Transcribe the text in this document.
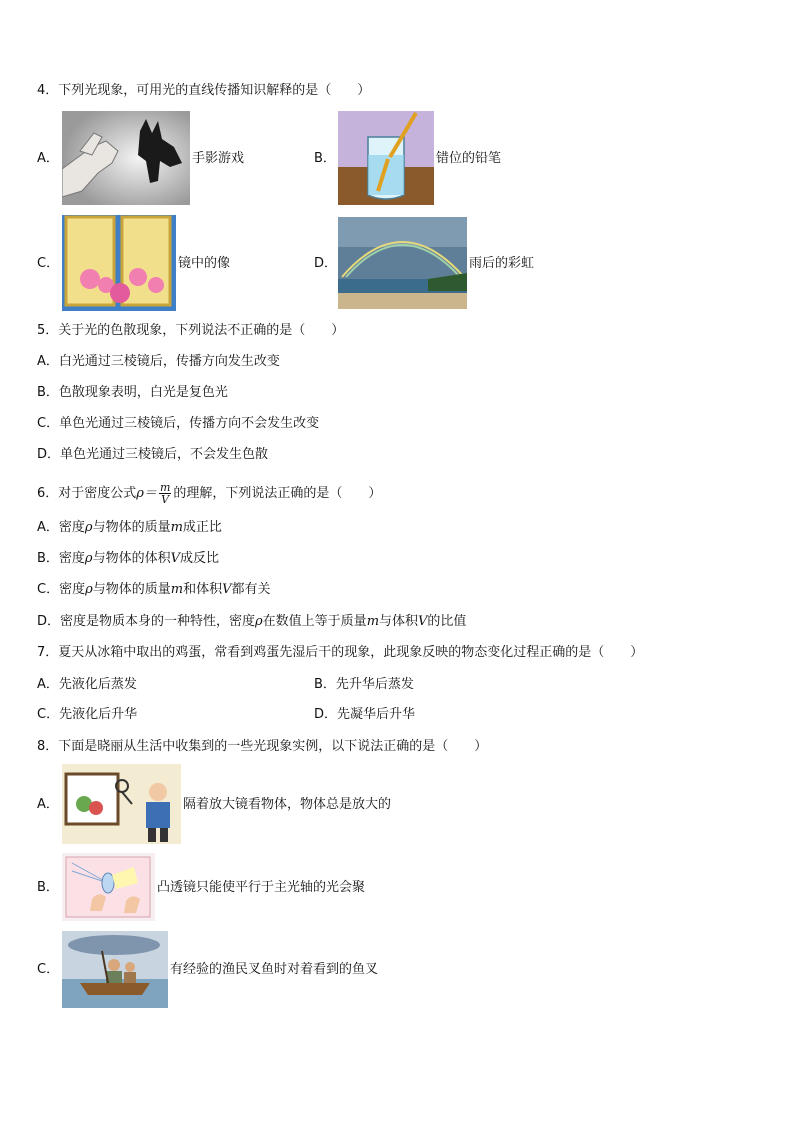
4．下列光现象，可用光的直线传播知识解释的是（　　）
A．	手影游戏	B．	错位的铅笔
C．	镜中的像	D．	雨后的彩虹
5．关于光的色散现象，下列说法不正确的是（　　）
A．白光通过三棱镜后，传播方向发生改变
B．色散现象表明，白光是复色光
C．单色光通过三棱镜后，传播方向不会发生改变
D．单色光通过三棱镜后，不会发生色散
6．对于密度公式$\rho= \frac{m}{V}$ 的理解，下列说法正确的是（　　）
A．密度ρ与物体的质量m成正比
B．密度ρ与物体的体积V成反比
C．密度ρ与物体的质量m和体积V都有关
D．密度是物质本身的一种特性，密度ρ在数值上等于质量m与体积V的比值
7．夏天从冰箱中取出的鸡蛋，常看到鸡蛋先湿后干的现象，此现象反映的物态变化过程正确的是（　　）
A．先液化后蒸发	B．先升华后蒸发
C．先液化后升华	D．先凝华后升华
8．下面是晓丽从生活中收集到的一些光现象实例，以下说法正确的是（　　）
A．	隔着放大镜看物体，物体总是放大的
B．	凸透镜只能使平行于主光轴的光会聚
C．	有经验的渔民叉鱼时对着看到的鱼叉
